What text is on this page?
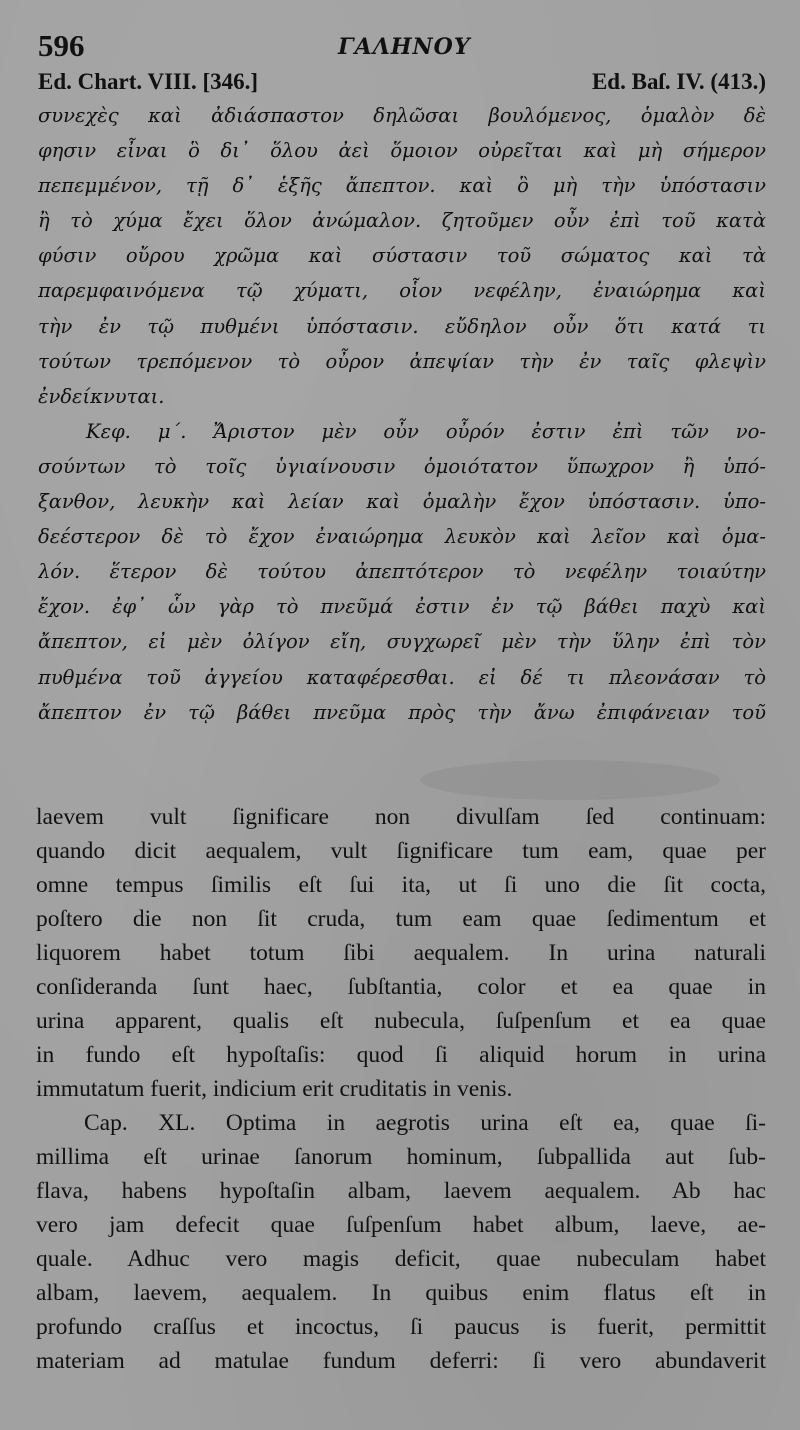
596	ΓΑΛΗΝΟΥ
Ed. Chart. VIII. [346.]	Ed. Baſ. IV. (413.)
συνεχὲς καὶ ἀδιάσπαστον δηλῶσαι βουλόμενος, ὁμαλὸν δὲ
φησιν εἶναι ὃ δι᾽ ὅλου ἀεὶ ὅμοιον οὐρεῖται καὶ μὴ σήμερον
πεπεμμένον, τῇ δ᾽ ἑξῆς ἄπεπτον. καὶ ὃ μὴ τὴν ὑπόστασιν
ἢ τὸ χύμα ἔχει ὅλον ἀνώμαλον. ζητοῦμεν οὖν ἐπὶ τοῦ κατὰ
φύσιν οὔρου χρῶμα καὶ σύστασιν τοῦ σώματος καὶ τὰ
παρεμφαινόμενα τῷ χύματι, οἷον νεφέλην, ἐναιώρημα καὶ
τὴν ἐν τῷ πυθμένι ὑπόστασιν. εὔδηλον οὖν ὅτι κατά τι
τούτων τρεπόμενον τὸ οὖρον ἀπεψίαν τὴν ἐν ταῖς φλεψὶν
ἐνδείκνυται.
Κεφ. μ΄. Ἄριστον μὲν οὖν οὖρόν ἐστιν ἐπὶ τῶν νο-
σούντων τὸ τοῖς ὑγιαίνουσιν ὁμοιότατον ὕπωχρον ἢ ὑπό-
ξανθον, λευκὴν καὶ λείαν καὶ ὁμαλὴν ἔχον ὑπόστασιν. ὑπο-
δεέστερον δὲ τὸ ἔχον ἐναιώρημα λευκὸν καὶ λεῖον καὶ ὁμα-
λόν. ἕτερον δὲ τούτου ἀπεπτότερον τὸ νεφέλην τοιαύτην
ἔχον. ἐφ᾽ ὧν γὰρ τὸ πνεῦμά ἐστιν ἐν τῷ βάθει παχὺ καὶ
ἄπεπτον, εἰ μὲν ὀλίγον εἴη, συγχωρεῖ μὲν τὴν ὕλην ἐπὶ τὸν
πυθμένα τοῦ ἀγγείου καταφέρεσθαι. εἰ δέ τι πλεονάσαν τὸ
ἄπεπτον ἐν τῷ βάθει πνεῦμα πρὸς τὴν ἄνω ἐπιφάνειαν τοῦ
laevem vult ſignificare non divulſam ſed continuam:
quando dicit aequalem, vult ſignificare tum eam, quae per
omne tempus ſimilis eſt ſui ita, ut ſi uno die ſit cocta,
poſtero die non ſit cruda, tum eam quae ſedimentum et
liquorem habet totum ſibi aequalem. In urina naturali
conſideranda ſunt haec, ſubſtantia, color et ea quae in
urina apparent, qualis eſt nubecula, ſuſpenſum et ea quae
in fundo eſt hypoſtaſis: quod ſi aliquid horum in urina
immutatum fuerit, indicium erit cruditatis in venis.
Cap. XL. Optima in aegrotis urina eſt ea, quae ſi-
millima eſt urinae ſanorum hominum, ſubpallida aut ſub-
flava, habens hypoſtaſin albam, laevem aequalem. Ab hac
vero jam defecit quae ſuſpenſum habet album, laeve, ae-
quale. Adhuc vero magis deficit, quae nubeculam habet
albam, laevem, aequalem. In quibus enim flatus eſt in
profundo craſſus et incoctus, ſi paucus is fuerit, permittit
materiam ad matulae fundum deferri: ſi vero abundaverit
